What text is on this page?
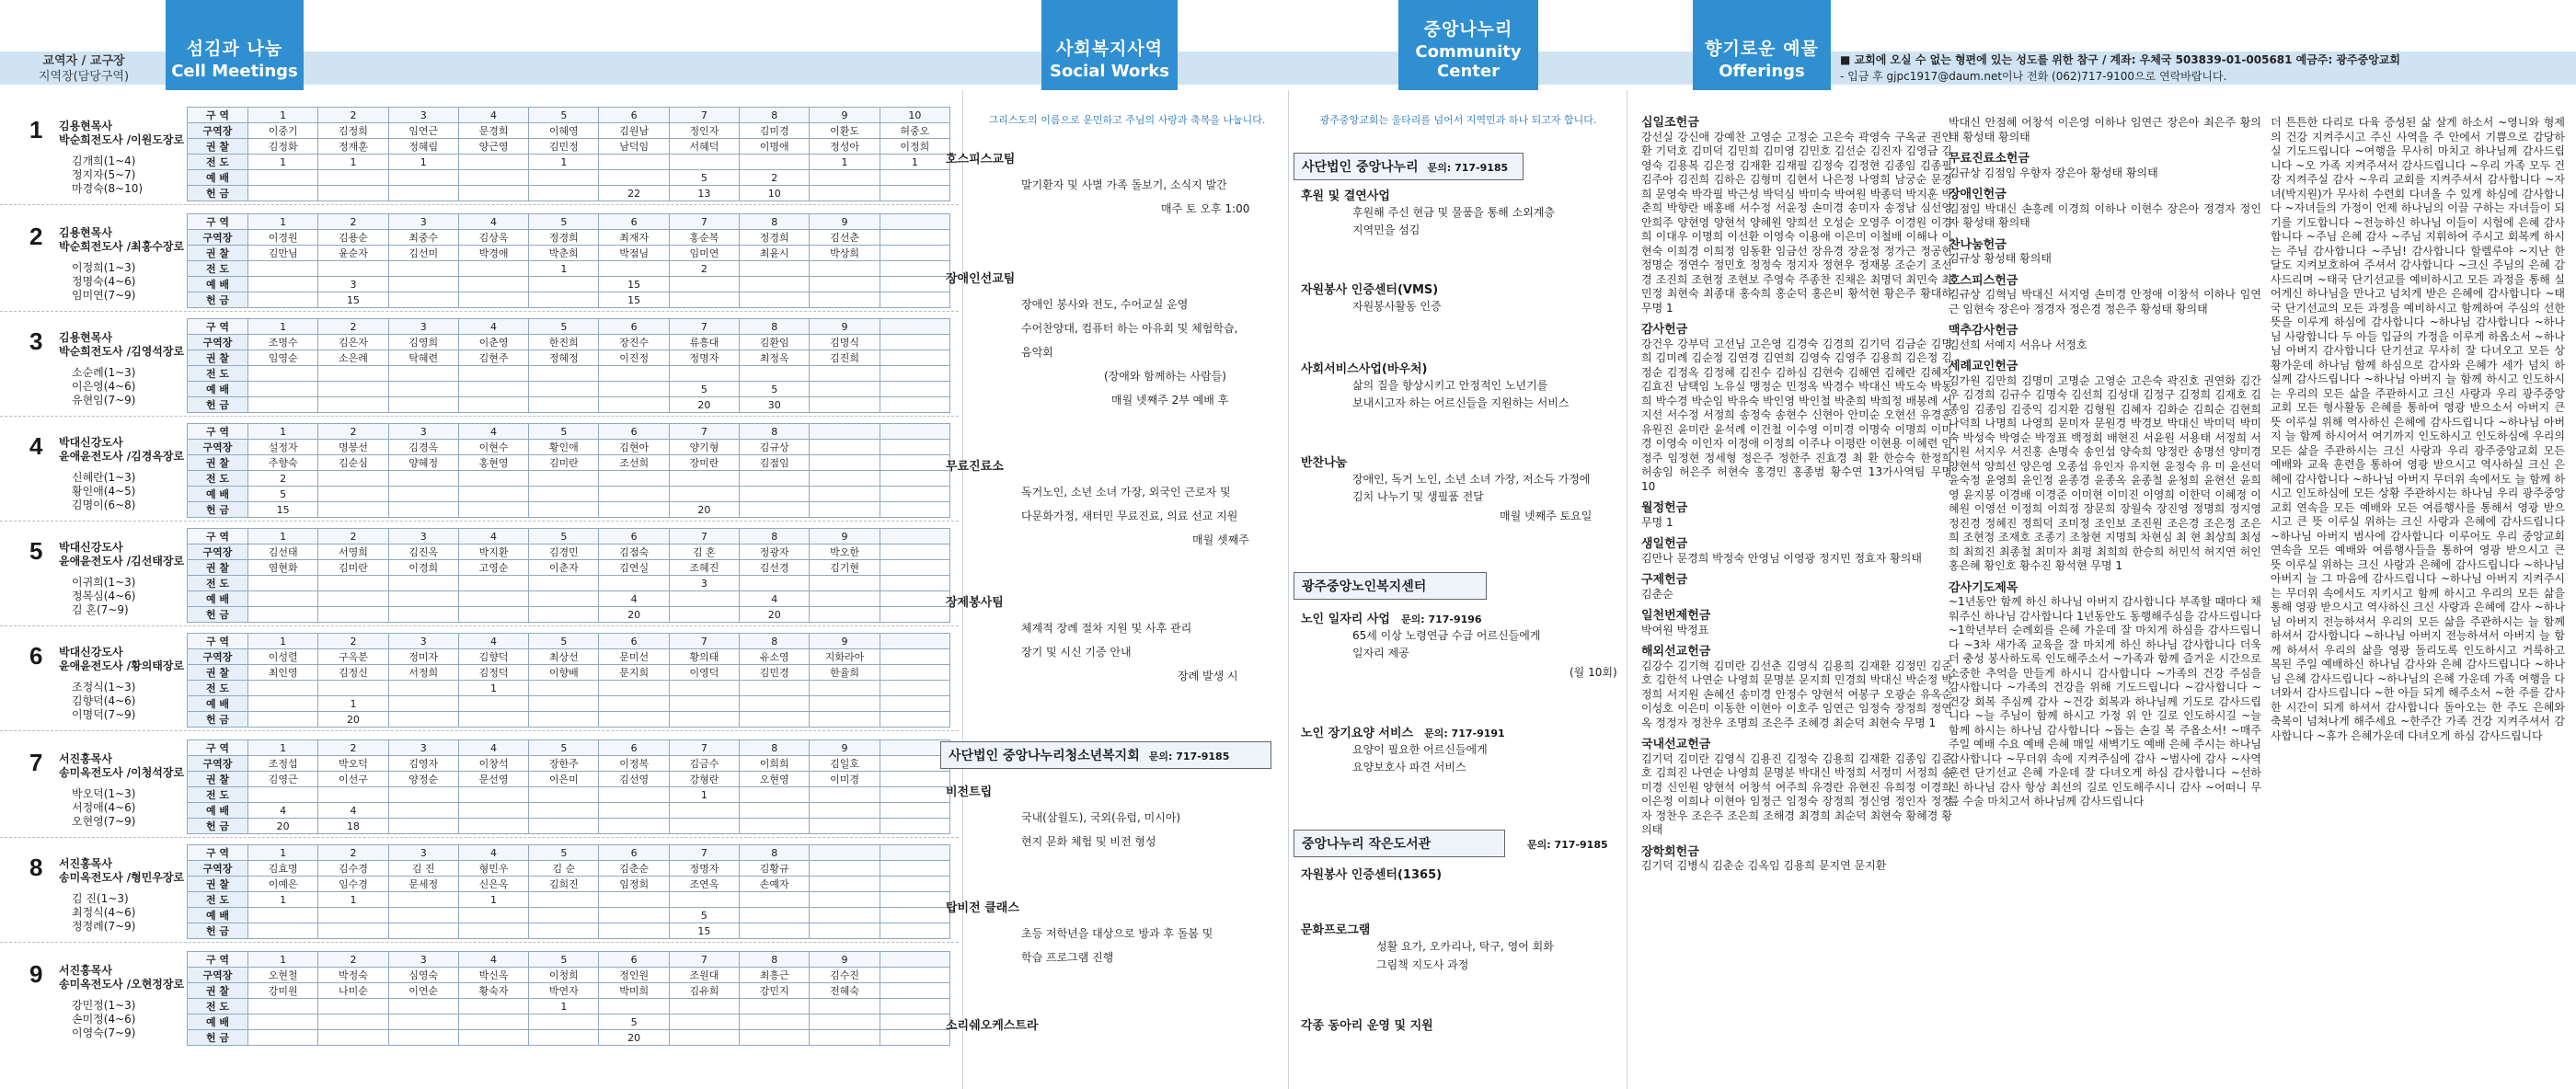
교역자 / 교구장
지역장(담당구역)
섬김과 나눔
Cell Meetings
사회복지사역
Social Works
중앙나누리
Community Center
향기로운 예물
Offerings
■ 교회에 오실 수 없는 형편에 있는 성도를 위한 참구 / 계좌: 우체국 503839-01-005681 예금주: 광주중앙교회
- 입금 후 gjpc1917@daum.net이나 전화 (062)717-9100으로 연락바랍니다.
1 김용현목사
박순희전도사 /이원도장로
김개희(1~4)
정지자(5~7)
마경숙(8~10)
구 역	1	2	3	4	5	6	7	8	9	10
구역장	이중기	김정희	임연근	문경희	이혜영	김원남	정인자	김미경	이환도	허중오
권 찰	김정화	정재훈	정혜림	양근영	김민정	남덕임	서혜덕	이명애	정성아	이정희
전 도	1	1	1		1				1	1
예 배							5	2		
헌 금						22	13	10		
2 김용현목사
박순희전도사 /최홍수장로
이정희(1~3)
정명숙(4~6)
임미연(7~9)
구 역	1	2	3	4	5	6	7	8	9	
구역장	이경원	김용순	최중수	김상옥	정경희	최재자	홍순복	정경희	김선춘	
권 찰	김만님	윤순자	김선미	박경애	박춘희	박점님	임미연	최윤시	박상희	
전 도					1		2			
예 배		3				15				
헌 금		15				15				
3 김용현목사
박순희전도사 /김영석장로
소순례(1~3)
이은영(4~6)
유현임(7~9)
구 역	1	2	3	4	5	6	7	8	9	
구역장	조명수	김은자	김영희	이춘영	한진희	장진수	류흥대	김환임	김명식	
권 찰	임영순	소은례	탁혜련	김현주	정혜정	이진정	정명자	최정옥	김진희	
전 도										
예 배							5	5		
헌 금							20	30		
4 박대신강도사
윤애윤전도사 /김경옥장로
신혜란(1~3)
황인애(4~5)
김명이(6~8)
구 역	1	2	3	4	5	6	7	8		
구역장	설정자	명봉선	김경옥	이현수	황인애	김현아	양기형	김규상		
권 찰	주향숙	김순심	양혜정	홍현영	김미란	조선희	장미란	김점임		
전 도	2									
예 배	5									
헌 금	15						20			
5 박대신강도사
윤애윤전도사 /김선태장로
이귀희(1~3)
정복심(4~6)
김 혼(7~9)
구 역	1	2	3	4	5	6	7	8	9	
구역장	김선태	서영희	김진옥	박지환	김경민	김점숙	김 혼	정광자	박오한	
권 찰	염현화	김미란	이경희	고영순	이춘자	김연실	조혜진	김선경	김기현	
전 도							3			
예 배						4		4		
헌 금						20		20		
6 박대신강도사
윤애윤전도사 /황의태장로
조정식(1~3)
김향덕(4~6)
이명덕(7~9)
구 역	1	2	3	4	5	6	7	8	9	
구역장	이성렬	구옥분	정미자	김향덕	최상선	문미선	황의태	유소영	지화라아	
권 찰	최인영	김정신	서정희	김정덕	이향배	문지희	이영덕	김민경	한율희	
전 도				1						
예 배		1								
헌 금		20								
7 서진홍목사
송미옥전도사 /이청석장로
박오덕(1~3)
서정애(4~6)
오현영(7~9)
구 역	1	2	3	4	5	6	7	8	9	
구역장	조정섭	박오덕	김영자	이창석	장한주	이정복	김금수	이희희	김일호	
권 찰	김영근	이선구	양정순	문선영	이은미	김선영	강형란	오현영	이미경	
전 도							1			
예 배	4	4								
헌 금	20	18								
8 서진홍목사
송미옥전도사 /형민우장로
김 진(1~3)
최정식(4~6)
정정례(7~9)
구 역	1	2	3	4	5	6	7	8		
구역장	김효명	김수경	김 진	형민우	김 순	김춘순	정명자	김황규		
권 찰	이예은	임수경	문세정	신은옥	김희진	임정희	조연옥	손예자		
전 도	1	1		1						
예 배							5			
헌 금							15			
9 서진홍목사
송미옥전도사 /오현정장로
강민정(1~3)
손미정(4~6)
이영숙(7~9)
구 역	1	2	3	4	5	6	7	8	9	
구역장	오현철	박정숙	심영숙	박신옥	이청희	정인원	조원대	최흥근	김수진	
권 찰	강미원	나미순	이연순	황숙자	박연자	박미희	김유희	강민지	전혜숙	
전 도					1					
예 배						5				
헌 금						20				
그리스도의 이름으로 운민하고 주님의 사랑과 축복을 나눕니다.
호스피스교팀
말기환자 및 사별 가족 돌보기, 소식지 발간
매주 토 오후 1:00
장애인선교팀
장애인 봉사와 전도, 수어교실 운영
수어찬양대, 컴퓨터 하는 아유회 및 체험학습,
음악회
(장애와 함께하는 사람들)
매월 넷째주 2부 예배 후
무료진료소
독거노인, 소년 소녀 가장, 외국인 근로자 및
다문화가정, 새터민 무료진료, 의료 선교 지원
매월 셋째주
장제봉사팀
체계적 장례 절차 지원 및 사후 관리
장기 및 시신 기증 안내
장례 발생 시
비전트립
국내(삼월도), 국외(유럽, 미시아)
현지 문화 체험 및 비전 형성
탑비전 클래스
초등 저학년을 대상으로 방과 후 돌봄 및
학습 프로그램 진행
소리쉐오케스트라
사단법인 중앙나누리청소년복지회 문의: 717-9185
광주중앙교회는 울타리를 넘어서 지역민과 하나 되고자 합니다.
사단법인 중앙나누리 문의: 717-9185
후원 및 결연사업
후원해 주신 현금 및 물품을 통해 소외계층
지역민을 섬김
자원봉사 인증센터(VMS)
자원봉사활동 인증
사회서비스사업(바우처)
삶의 질을 향상시키고 안정적인 노년기를
보내시고자 하는 어르신들을 지원하는 서비스
반찬나눔
장애인, 독거 노인, 소년 소녀 가장, 저소득 가정에
김치 나누기 및 생필품 전달
매월 넷째주 토요일
광주중앙노인복지센터
노인 일자리 사업 문의: 717-9196
65세 이상 노령연금 수급 어르신들에게
일자리 제공
(월 10회)
노인 장기요양 서비스 문의: 717-9191
요양이 필요한 어르신들에게
요양보호사 파견 서비스
중앙나누리 작은도서관	문의: 717-9185
자원봉사 인증센터(1365)
문화프로그램
성활 요가, 오카리나, 탁구, 영어 회화
그림책 지도사 과정
각종 동아리 운영 및 지원
십일조헌금
강선실 강신애 강예찬 고영순 고정순 고은숙 곽영숙 구옥균 권인환 기덕호 김미덕 김민희 김미영 김민호 김선순 김진자 김영금 김영숙 김용복 김은정 김재환 김재필 김정숙 김정현 김종임 김종필 김주아 김진희 김하은 김형미 김현서 나은정 나영희 남궁순 문경희 문영숙 박각필 박근성 박덕심 박미숙 박여원 박종덕 박지훈 박춘희 박향란 배홍배 서수정 서윤정 손미경 송미자 송정남 심선영 안희주 양현영 양현석 양혜원 양희선 오성순 오영주 이경원 이경희 이대우 이명희 이선환 이영숙 이용애 이은미 이철배 이해나 이현숙 이희경 이희정 임동환 임금선 장유경 장윤정 정가근 정공현 정명순 정연수 정민호 정정숙 정지자 정현우 정재봉 조순기 조선경 조진희 조현정 조현보 주영숙 주종찬 진채은 최명덕 최민숙 최민정 최현숙 최종대 홍숙희 홍순덕 홍은비 황석현 황은주 황대하 무명 1
감사헌금
강건우 강부덕 고선님 고은영 김경숙 김경희 김기덕 김금순 김명희 김미례 김순정 김연경 김연희 김영숙 김영주 김용희 김은정 김정순 김정옥 김정혜 김진수 김하심 김현숙 김해연 김혜란 김혜자 김효진 남택임 노유실 맹정순 민정옥 박경수 박대신 박도숙 박동희 박수경 박순임 박유숙 박인영 박인철 박춘희 박희정 배봉례 서지선 서수정 서정희 송정숙 송현수 신현아 안미순 오현선 유경훈 유원진 윤미란 윤석례 이건철 이수영 이미경 이명숙 이명희 이미경 이영숙 이인자 이정애 이정희 이주나 이평란 이현용 이혜련 임정주 임정현 정세형 정은주 정한주 진효경 최 환 한승숙 한정희 허송임 허은주 허현숙 홍경민 홍종범 황수연 13가사역팀 무명 10
월정헌금
무명 1
생일헌금
김만나 문경희 박정숙 안영님 이영광 정지민 정효자 황의태
구제헌금
김춘순
일천번제헌금
박여원 박정표
해외선교헌금
김강수 김기혁 김미란 김선춘 김영식 김용희 김재환 김정민 김준호 김한석 나연순 나영희 문명분 문지희 민경희 박대신 박순정 박정희 서지원 손혜선 송미경 안정수 양현석 여봉구 오광순 유옥순 이성호 이은미 이동한 이현아 이호주 임연근 임정숙 장정희 정연옥 정정자 정찬우 조명희 조은주 조혜경 최순덕 최현숙 무명 1
국내선교헌금
김기덕 김미란 김영식 김용진 김정숙 김용희 김재환 김종임 김준호 김희진 나연순 나영희 문명분 박대신 박정희 서정미 서정희 송미경 신인원 양현석 어창석 여주희 유경란 유현진 유희정 이경희 이은정 이희나 이현아 임정근 임정숙 장정희 정신영 정인자 정정자 정찬우 조은주 조은희 조해경 최경희 최순덕 최현숙 황혜경 황의태
장학회헌금
김기덕 김병식 김춘순 김옥임 김용희 문지연 문지환
박대신 안점혜 어창석 이은영 이하나 임연근 장은아 최은주 황의태 황성태 황의태
무료진료소헌금
김규상 김점임 우향자 장은아 황성태 황의태
장애인헌금
김점임 박대신 손흥례 이경희 이하나 이현수 장은아 정경자 정인자 황성태 황의태
찬나눔헌금
김규상 황성태 황의태
호스피스헌금
김규상 김혁님 박대신 서지영 손미경 안정애 이창석 이하나 임연근 임현숙 장은아 정경자 정은경 정은주 황성태 황의태
맥추감사헌금
김선희 서예지 서유나 서정호
세례교인헌금
김가원 김만희 김명미 고명순 고영순 고은숙 곽진호 권연화 김간우 김경희 김규수 김명숙 김선희 김성대 김정구 김정희 김재호 김종임 김종임 김중익 김지환 김형원 김혜자 김화순 김희순 김현희 나덕희 나명희 나영희 문미자 문원경 박경보 박대신 박미덕 박미숙 박성숙 박영순 박정표 백정회 배현진 서윤원 서용태 서정희 서지원 서지우 서진홍 손명숙 송인섭 양숙희 양정란 송명선 양미경 양현석 양희선 양은영 오종섭 유인자 유지현 윤정숙 유 미 윤선덕 윤숙정 윤영희 윤인정 윤종경 윤종옥 윤종철 윤청희 윤현선 윤희영 윤지봉 이경배 이경준 이미현 이미진 이영희 이한덕 이혜정 이혜원 이영선 이정희 이희정 장문희 장월숙 장진영 정명희 정지영 정진경 정혜진 정희덕 조미정 조인보 조진원 조은경 조은정 조은희 조현정 조재호 조종기 조창현 지명희 차현심 최 현 최상희 최성희 최희진 최종철 최미자 최평 최희희 한승희 허민석 허지연 허인 홍은혜 황인호 황수진 황석현 무명 1
감사기도제목
~1년동안 함께 하신 하나님 아버지 감사합니다 부족할 때마다 채워주신 하나님 감사합니다 1년동안도 동행해주심을 감사드립니다 ~1학년부터 순례회를 은혜 가운데 잘 마치게 하심을 감사드립니다 ~3차 새가족 교육을 잘 마치게 하신 하나님 감사합니다 더욱 더 충성 봉사하도록 인도해주소서 ~가족과 함께 즐거운 시간으로 소중한 추억을 만들게 하시니 감사합니다 ~가족의 건강 주심을 감사합니다 ~가족의 건강을 위해 기도드립니다 ~감사합니다 ~건강 회복 주심께 감사 ~건강 회복과 하나님께 기도로 감사드립니다 ~늘 주님이 함께 하시고 가정 위 안 길로 인도하시길 ~늘 함께 하시는 하나님 감사합니다 ~돕는 손길 복 주옵소서! ~매주 주일 예배 수요 예배 은혜 매일 새벽기도 예배 은혜 주시는 하나님 감사합니다 ~무더위 속에 지켜주심에 감사 ~범사에 감사 ~사역훈련 단기선교 은혜 가운데 잘 다녀오게 하심 감사합니다 ~선하신 하나님 감사 항상 최선의 길로 인도해주시니 감사 ~어떠니 무릎 수술 마치고서 하나님께 감사드립니다
더 튼튼한 다리로 다육 증성된 삶 살게 하소서 ~영니와 형제의 건강 지켜주시고 주신 사역을 주 안에서 기쁨으로 감당하실 기도드립니다 ~여행을 무사히 마치고 하나님께 감사드립니다 ~오 가족 지켜주셔서 감사드립니다 ~우리 가족 모두 건강 지켜주실 감사 ~우리 교회를 지켜주셔서 감사합니다 ~자녀(박지원)가 무사히 수련회 다녀올 수 있게 하심에 감사합니다 ~자녀들의 가정이 언제 하나님의 이끌 구하는 자녀들이 되기를 기도합니다 ~전능하신 하나님 이들이 시험에 은혜 감사합니다 ~주님 은혜 감사 ~주님 지휘하여 주시고 회복케 하시는 주님 감사합니다 ~주님! 감사합니다 할렐루야 ~지난 한 달도 지켜보호하여 주셔서 감사합니다 ~크신 주님의 은혜 감사드리며 ~태국 단기선교를 예비하시고 모든 과정을 통해 실어게신 하나님을 만나고 넘치게 받은 은혜에 감사합니다 ~태국 단기선교의 모든 과정을 예비하시고 함께하여 주심의 선한 뜻을 이루게 하심에 감사합니다 ~하나님 감사합니다 ~하나님 사랑합니다 두 아들 입금의 가정을 이루게 하옵소서 ~하나님 아버지 감사합니다 단기선교 무사히 잘 다녀오고 모든 상황가운데 하나님 함께 하심으로 감사와 은혜가 세가 넘치 하실께 감사드립니다 ~하나님 아버지 늘 함께 하시고 인도하시는 우리의 모든 삶을 주관하시고 크신 사랑과 우리 광주중앙교회 모든 형사활동 은혜를 통하여 영광 받으소서 아버지 큰 뜻 이루실 위해 역사하신 은혜에 감사드립니다 ~하나님 아버지 늘 함께 하시어서 여기까지 인도하시고 인도하심에 우리의 모든 삶을 주관하시는 크신 사랑과 우리 광주중앙교회 모든 예배와 교육 훈련을 통하여 영광 받으시고 역사하실 크신 은혜에 감사합니다 ~하나님 아버지 무더위 속에서도 늘 함께 하시고 인도하심에 모든 상황 주관하시는 하나님 우리 광주중앙교회 연속을 모든 예배와 모든 여름행사를 통해서 영광 받으시고 큰 뜻 이루실 위하는 크신 사랑과 은혜에 감사드립니다 ~하나님 아버지 범사에 감사합니다 이루어도 우리 중앙교회 연속을 모든 예배와 여름행사들을 통하여 영광 받으시고 큰 뜻 이루실 위하는 크신 사랑과 은혜에 감사드립니다 ~하나님 아버지 늘 그 마음에 감사드립니다 ~하나님 아버지 지켜주시는 무더위 속에서도 지키시고 함께 하시고 우리의 모든 삶을 통해 영광 받으시고 역사하신 크신 사랑과 은혜에 감사 ~하나님 아버지 전능하셔서 우리의 모든 삶을 주관하시는 늘 함께 하셔서 감사합니다 ~하나님 아버지 전능하셔서 아버지 늘 함께 하셔서 우리의 삶을 영광 돌리도록 인도하시고 거룩하고 복된 주일 예배하신 하나님 감사와 은혜 감사드립니다 ~하나님 은혜 감사드립니다 ~하나님의 은혜 가운데 가족 여행을 다녀와서 감사드립니다 ~한 아들 되게 해주소서 ~한 주를 감사한 시간이 되게 하셔서 감사합니다 돌아오는 한 주도 은혜와 축복이 넘쳐나게 해주세요 ~한주간 가족 건강 지켜주셔서 감사합니다 ~휴가 은혜가운데 다녀오게 하심 감사드립니다
